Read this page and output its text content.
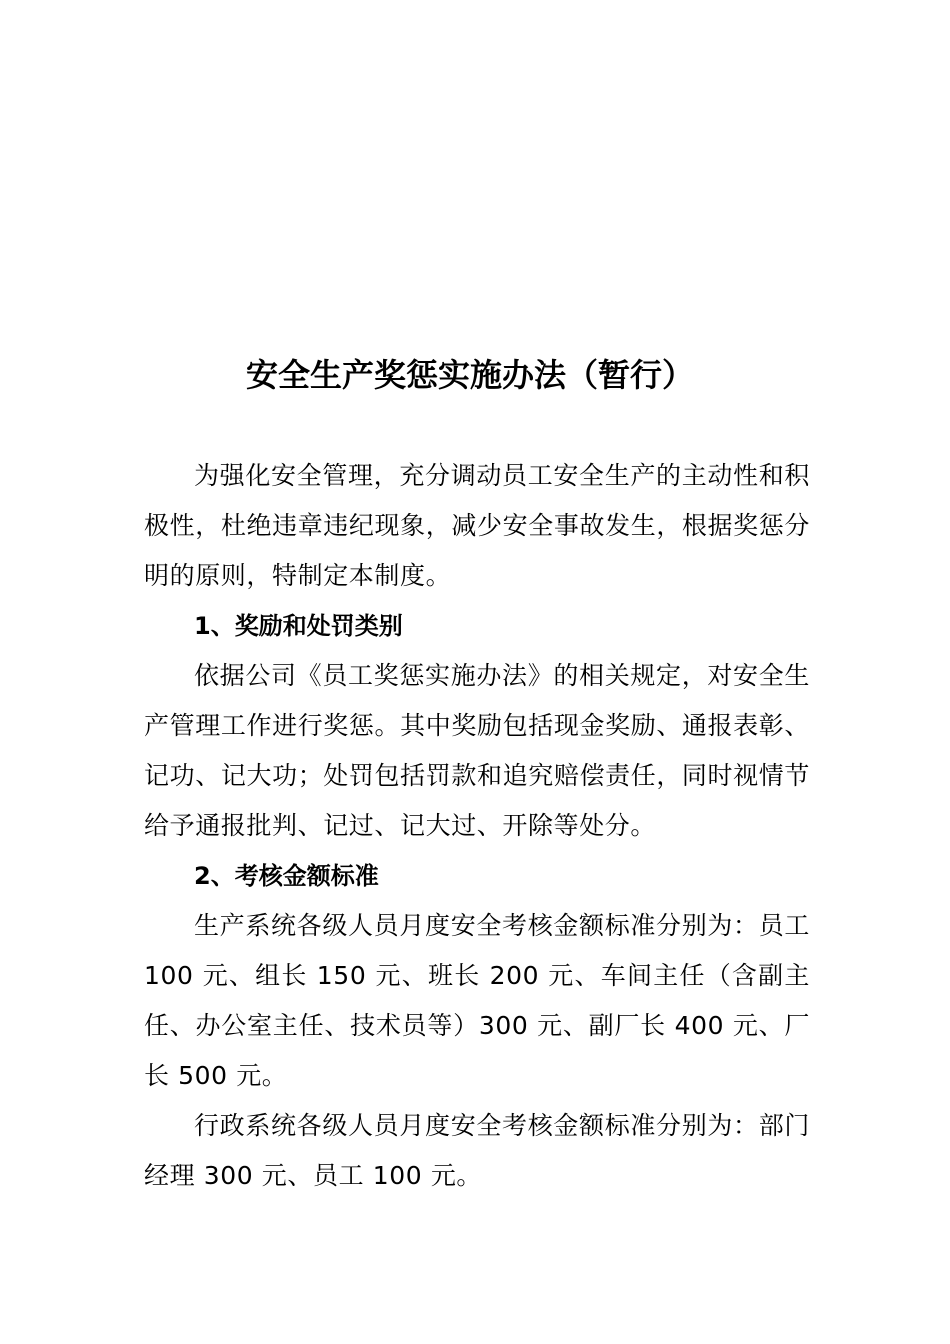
安全生产奖惩实施办法（暂行）

为强化安全管理，充分调动员工安全生产的主动性和积极性，杜绝违章违纪现象，减少安全事故发生，根据奖惩分明的原则，特制定本制度。

1、奖励和处罚类别

依据公司《员工奖惩实施办法》的相关规定，对安全生产管理工作进行奖惩。其中奖励包括现金奖励、通报表彰、记功、记大功；处罚包括罚款和追究赔偿责任，同时视情节给予通报批判、记过、记大过、开除等处分。

2、考核金额标准

生产系统各级人员月度安全考核金额标准分别为：员工 100 元、组长 150 元、班长 200 元、车间主任（含副主任、办公室主任、技术员等）300 元、副厂长 400 元、厂长 500 元。

行政系统各级人员月度安全考核金额标准分别为：部门经理 300 元、员工 100 元。
